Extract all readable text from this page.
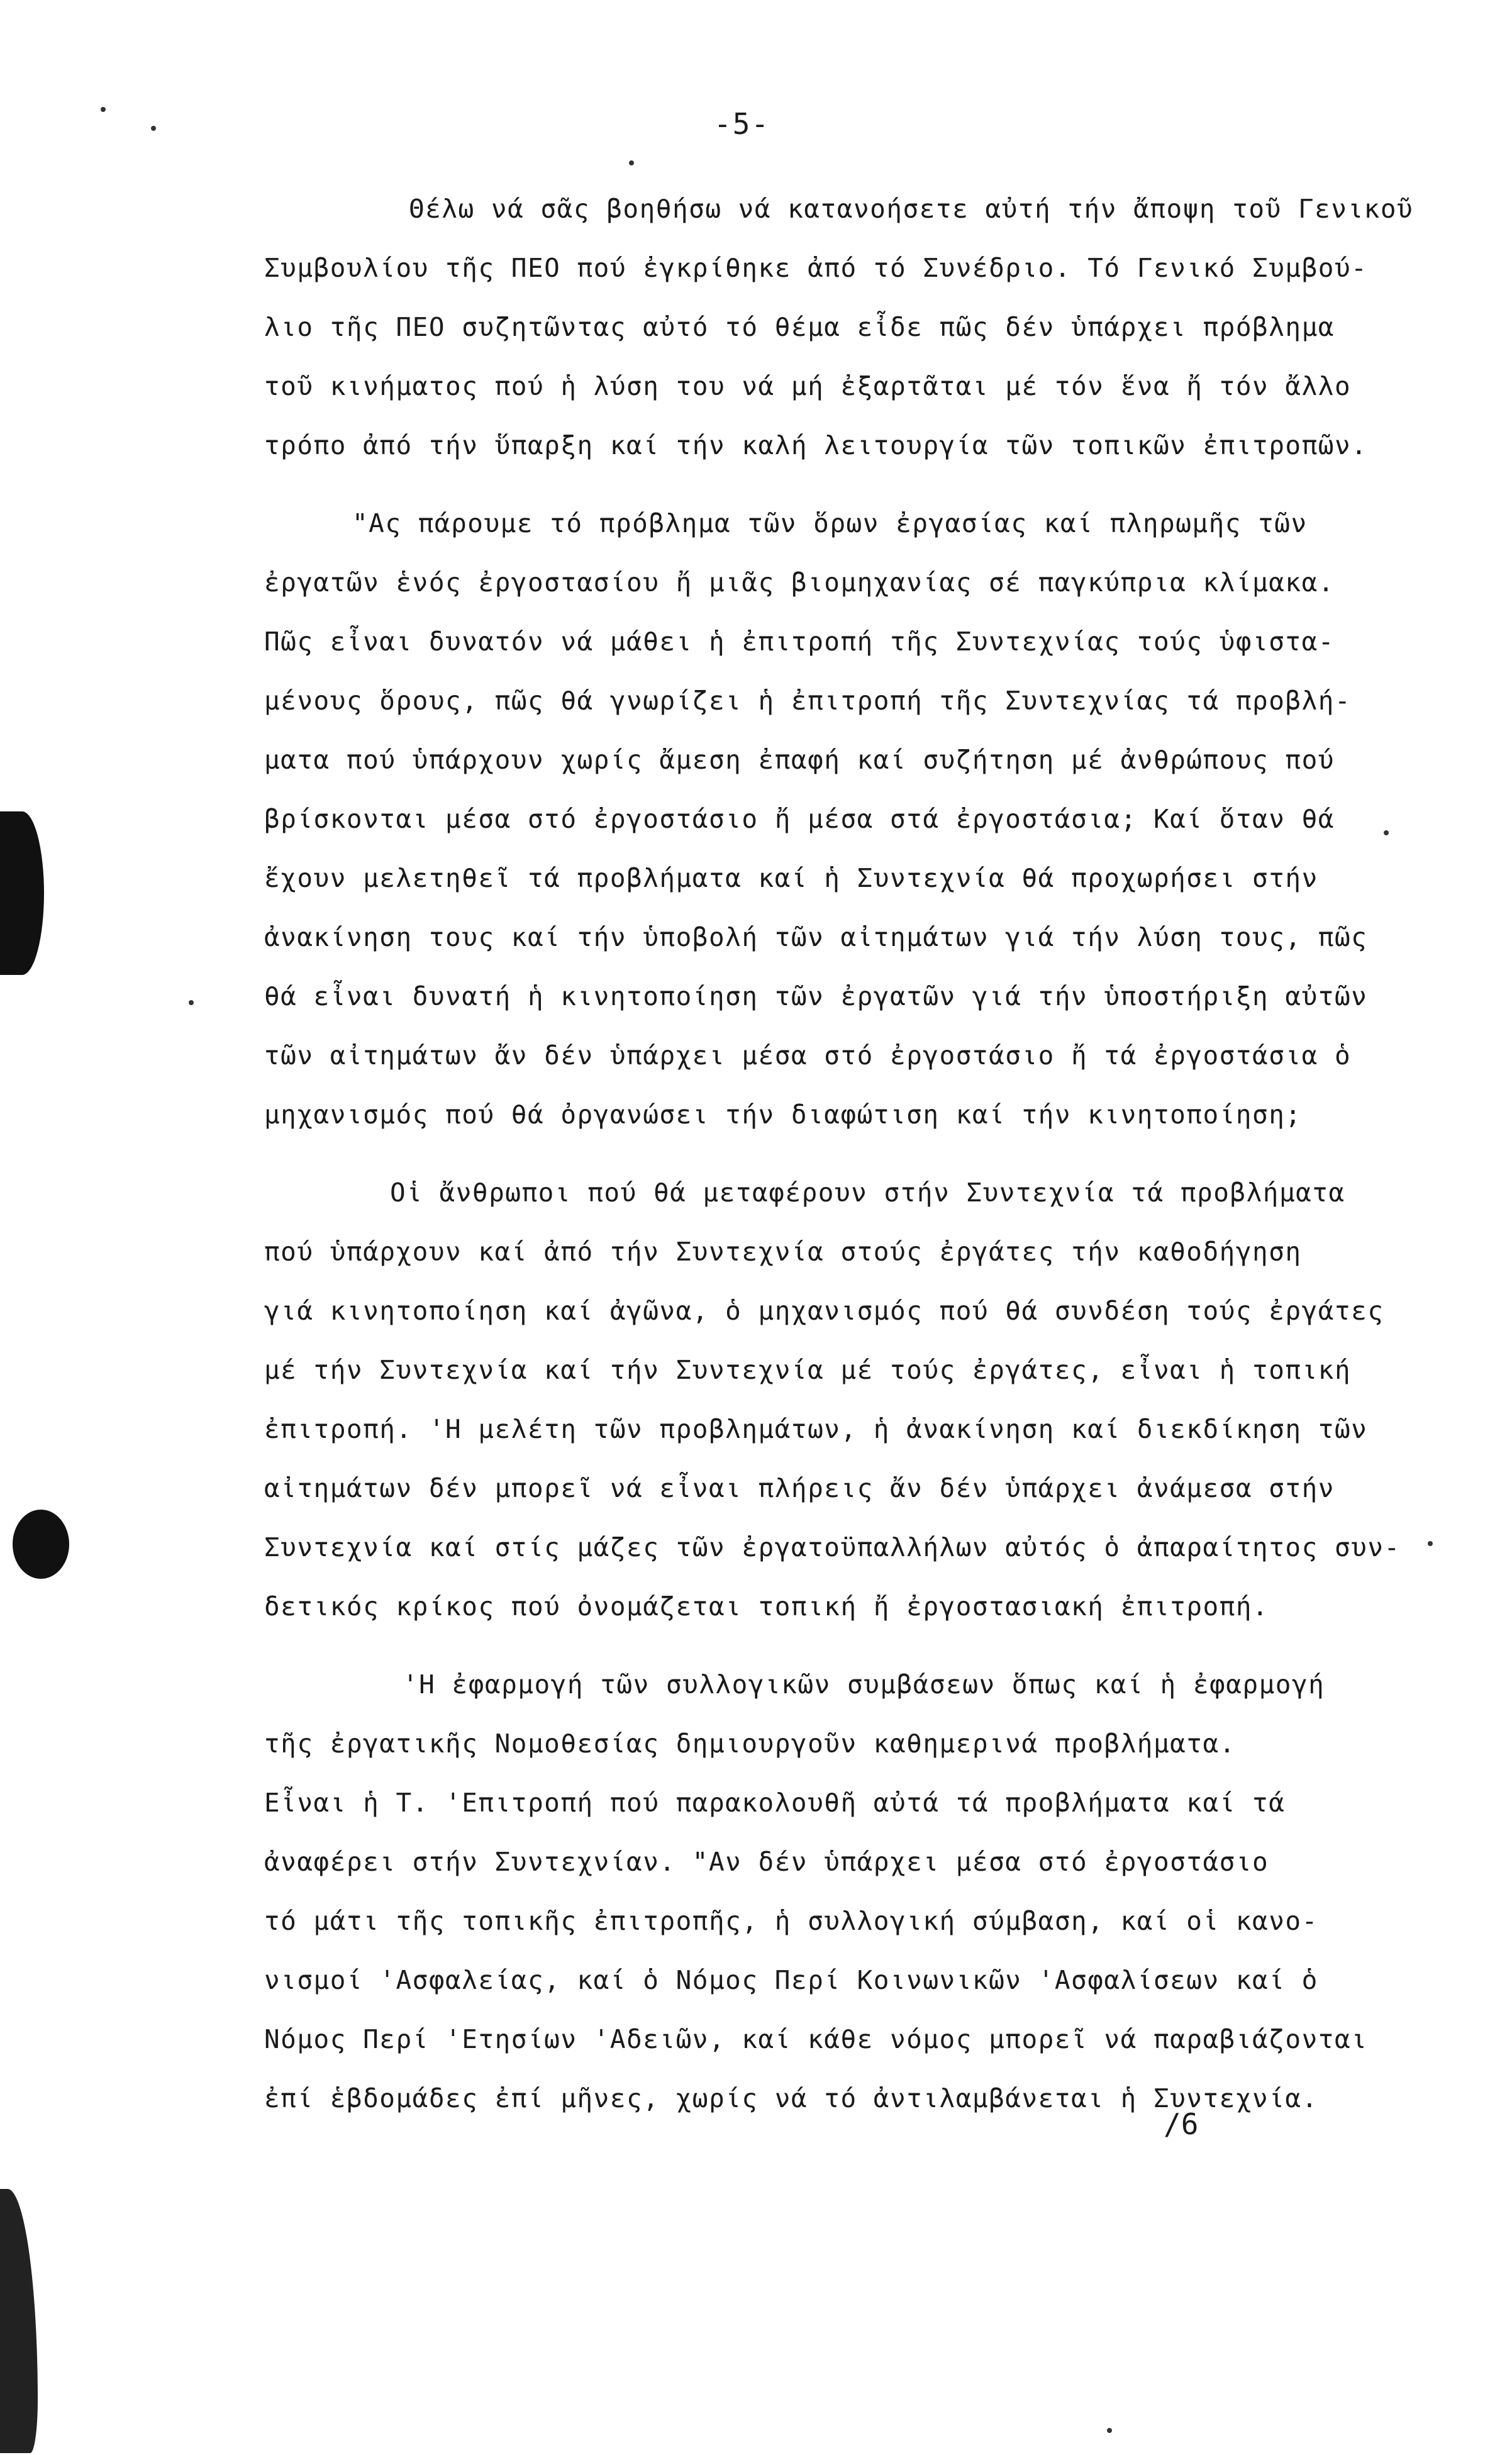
-5-
Θέλω νά σᾶς βοηθήσω νά κατανοήσετε αὐτή τήν ἄποψη τοῦ Γενικοῦ
Συμβουλίου τῆς ΠΕΟ πού ἐγκρίθηκε ἀπό τό Συνέδριο. Τό Γενικό Συμβού-
λιο τῆς ΠΕΟ συζητῶντας αὐτό τό θέμα εἶδε πῶς δέν ὑπάρχει πρόβλημα
τοῦ κινήματος πού ἡ λύση του νά μή ἐξαρτᾶται μέ τόν ἕνα ἤ τόν ἄλλο
τρόπο ἀπό τήν ὕπαρξη καί τήν καλή λειτουργία τῶν τοπικῶν ἐπιτροπῶν.
"Ας πάρουμε τό πρόβλημα τῶν ὅρων ἐργασίας καί πληρωμῆς τῶν
ἐργατῶν ἑνός ἐργοστασίου ἤ μιᾶς βιομηχανίας σέ παγκύπρια κλίμακα.
Πῶς εἶναι δυνατόν νά μάθει ἡ ἐπιτροπή τῆς Συντεχνίας τούς ὑφιστα-
μένους ὅρους, πῶς θά γνωρίζει ἡ ἐπιτροπή τῆς Συντεχνίας τά προβλή-
ματα πού ὑπάρχουν χωρίς ἄμεση ἐπαφή καί συζήτηση μέ ἀνθρώπους πού
βρίσκονται μέσα στό ἐργοστάσιο ἤ μέσα στά ἐργοστάσια; Καί ὅταν θά
ἔχουν μελετηθεῖ τά προβλήματα καί ἡ Συντεχνία θά προχωρήσει στήν
ἀνακίνηση τους καί τήν ὑποβολή τῶν αἰτημάτων γιά τήν λύση τους, πῶς
θά εἶναι δυνατή ἡ κινητοποίηση τῶν ἐργατῶν γιά τήν ὑποστήριξη αὐτῶν
τῶν αἰτημάτων ἄν δέν ὑπάρχει μέσα στό ἐργοστάσιο ἤ τά ἐργοστάσια ὁ
μηχανισμός πού θά ὀργανώσει τήν διαφώτιση καί τήν κινητοποίηση;
Οἱ ἄνθρωποι πού θά μεταφέρουν στήν Συντεχνία τά προβλήματα
πού ὑπάρχουν καί ἀπό τήν Συντεχνία στούς ἐργάτες τήν καθοδήγηση
γιά κινητοποίηση καί ἀγῶνα, ὁ μηχανισμός πού θά συνδέση τούς ἐργάτες
μέ τήν Συντεχνία καί τήν Συντεχνία μέ τούς ἐργάτες, εἶναι ἡ τοπική
ἐπιτροπή. 'Η μελέτη τῶν προβλημάτων, ἡ ἀνακίνηση καί διεκδίκηση τῶν
αἰτημάτων δέν μπορεῖ νά εἶναι πλήρεις ἄν δέν ὑπάρχει ἀνάμεσα στήν
Συντεχνία καί στίς μάζες τῶν ἐργατοϋπαλλήλων αὐτός ὁ ἀπαραίτητος συν-
δετικός κρίκος πού ὀνομάζεται τοπική ἤ ἐργοστασιακή ἐπιτροπή.
'Η ἐφαρμογή τῶν συλλογικῶν συμβάσεων ὅπως καί ἡ ἐφαρμογή
τῆς ἐργατικῆς Νομοθεσίας δημιουργοῦν καθημερινά προβλήματα.
Εἶναι ἡ Τ. 'Επιτροπή πού παρακολουθῆ αὐτά τά προβλήματα καί τά
ἀναφέρει στήν Συντεχνίαν. "Αν δέν ὑπάρχει μέσα στό ἐργοστάσιο
τό μάτι τῆς τοπικῆς ἐπιτροπῆς, ἡ συλλογική σύμβαση, καί οἱ κανο-
νισμοί 'Ασφαλείας, καί ὁ Νόμος Περί Κοινωνικῶν 'Ασφαλίσεων καί ὁ
Νόμος Περί 'Ετησίων 'Αδειῶν, καί κάθε νόμος μπορεῖ νά παραβιάζονται
ἐπί ἑβδομάδες ἐπί μῆνες, χωρίς νά τό ἀντιλαμβάνεται ἡ Συντεχνία.
/6
